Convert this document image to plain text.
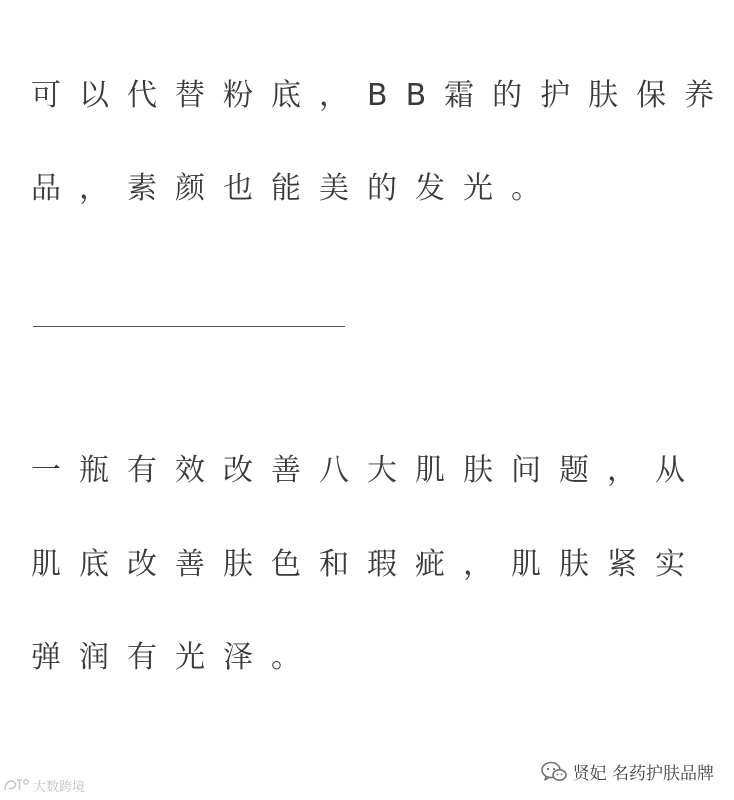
可以代替粉底，BB霜的护肤保养

品，素颜也能美的发光。

一瓶有效改善八大肌肤问题，从

肌底改善肤色和瑕疵，肌肤紧实

弹润有光泽。

大数跨境
贤妃 名药护肤品牌
